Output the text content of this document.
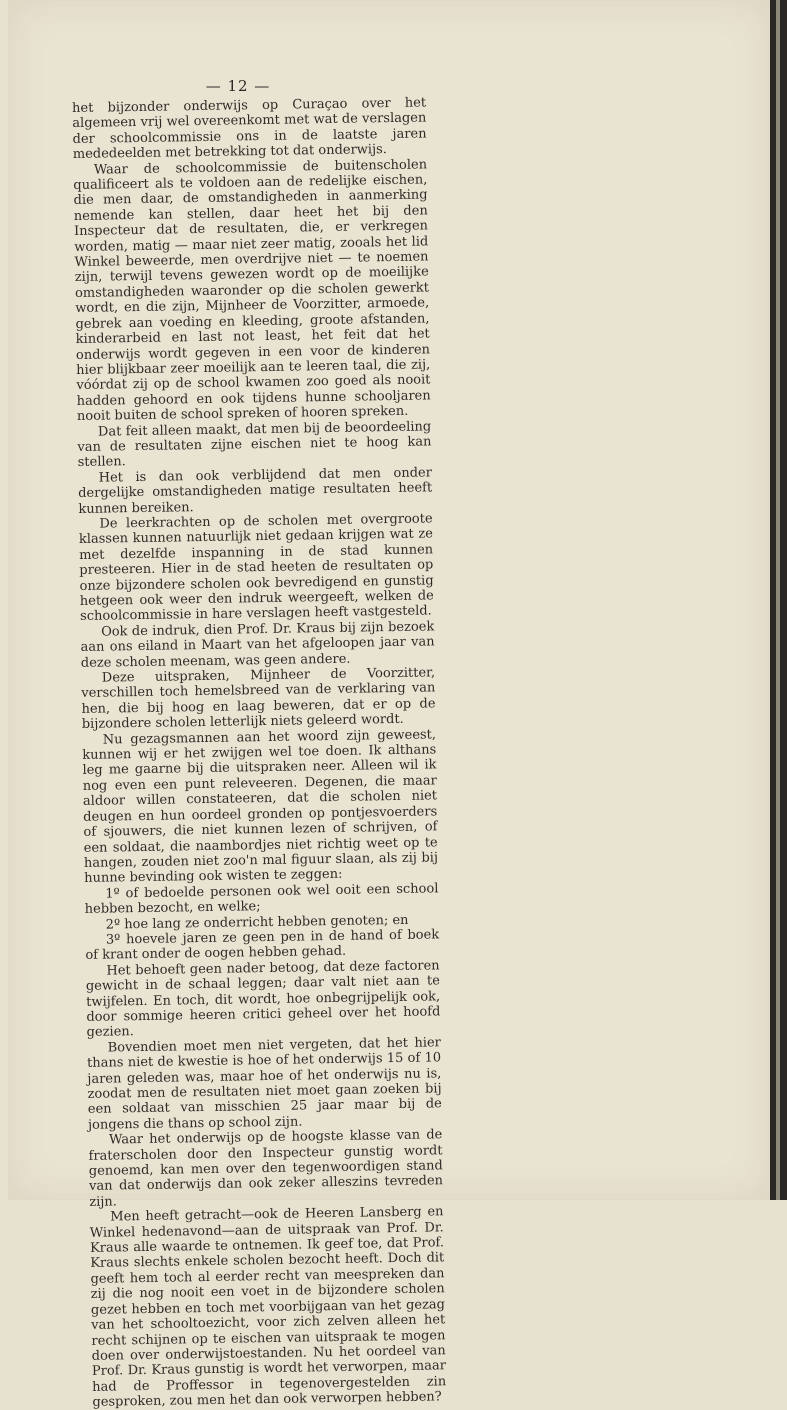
— 12 —

het bijzonder onderwijs op Curaçao over het algemeen vrij wel overeenkomt met wat de verslagen der schoolcommissie ons in de laatste jaren mededeelden met betrekking tot dat onderwijs.

Waar de schoolcommissie de buitenscholen qualificeert als te voldoen aan de redelijke eischen, die men daar, de omstandigheden in aanmerking nemende kan stellen, daar heet het bij den Inspecteur dat de resultaten, die, er verkregen worden, matig — maar niet zeer matig, zooals het lid Winkel beweerde, men overdrijve niet — te noemen zijn, terwijl tevens gewezen wordt op de moeilijke omstandigheden waaronder op die scholen gewerkt wordt, en die zijn, Mijnheer de Voorzitter, armoede, gebrek aan voeding en kleeding, groote afstanden, kinderarbeid en last not least, het feit dat het onderwijs wordt gegeven in een voor de kinderen hier blijkbaar zeer moeilijk aan te leeren taal, die zij, vóórdat zij op de school kwamen zoo goed als nooit hadden gehoord en ook tijdens hunne schooljaren nooit buiten de school spreken of hooren spreken.

Dat feit alleen maakt, dat men bij de beoordeeling van de resultaten zijne eischen niet te hoog kan stellen.

Het is dan ook verblijdend dat men onder dergelijke omstandigheden matige resultaten heeft kunnen bereiken.

De leerkrachten op de scholen met overgroote klassen kunnen natuurlijk niet gedaan krijgen wat ze met dezelfde inspanning in de stad kunnen presteeren. Hier in de stad heeten de resultaten op onze bijzondere scholen ook bevredigend en gunstig hetgeen ook weer den indruk weergeeft, welken de schoolcommissie in hare verslagen heeft vastgesteld.

Ook de indruk, dien Prof. Dr. Kraus bij zijn bezoek aan ons eiland in Maart van het afgeloopen jaar van deze scholen meenam, was geen andere.

Deze uitspraken, Mijnheer de Voorzitter, verschillen toch hemelsbreed van de verklaring van hen, die bij hoog en laag beweren, dat er op de bijzondere scholen letterlijk niets geleerd wordt.

Nu gezagsmannen aan het woord zijn geweest, kunnen wij er het zwijgen wel toe doen. Ik althans leg me gaarne bij die uitspraken neer. Alleen wil ik nog even een punt releveeren. Degenen, die maar aldoor willen constateeren, dat die scholen niet deugen en hun oordeel gronden op pontjesvoerders of sjouwers, die niet kunnen lezen of schrijven, of een soldaat, die naambordjes niet richtig weet op te hangen, zouden niet zoo'n mal figuur slaan, als zij bij hunne bevinding ook wisten te zeggen:

1º of bedoelde personen ook wel ooit een school hebben bezocht, en welke;

2º hoe lang ze onderricht hebben genoten; en

3º hoevele jaren ze geen pen in de hand of boek of krant onder de oogen hebben gehad.

Het behoeft geen nader betoog, dat deze factoren gewicht in de schaal leggen; daar valt niet aan te twijfelen. En toch, dit wordt, hoe onbegrijpelijk ook, door sommige heeren critici geheel over het hoofd gezien.

Bovendien moet men niet vergeten, dat het hier thans niet de kwestie is hoe of het onderwijs 15 of 10 jaren geleden was, maar hoe of het onderwijs nu is, zoodat men de resultaten niet moet gaan zoeken bij een soldaat van misschien 25 jaar maar bij de jongens die thans op school zijn.

Waar het onderwijs op de hoogste klasse van de fraterscholen door den Inspecteur gunstig wordt genoemd, kan men over den tegenwoordigen stand van dat onderwijs dan ook zeker alleszins tevreden zijn.

Men heeft getracht—ook de Heeren Lansberg en Winkel hedenavond—aan de uitspraak van Prof. Dr. Kraus alle waarde te ontnemen. Ik geef toe, dat Prof. Kraus slechts enkele scholen bezocht heeft. Doch dit geeft hem toch al eerder recht van meespreken dan zij die nog nooit een voet in de bijzondere scholen gezet hebben en toch met voorbijgaan van het gezag van het schooltoezicht, voor zich zelven alleen het recht schijnen op te eischen van uitspraak te mogen doen over onderwijstoestanden. Nu het oordeel van Prof. Dr. Kraus gunstig is wordt het verworpen, maar had de Proffessor in tegenovergestelden zin gesproken, zou men het dan ook verworpen hebben?
